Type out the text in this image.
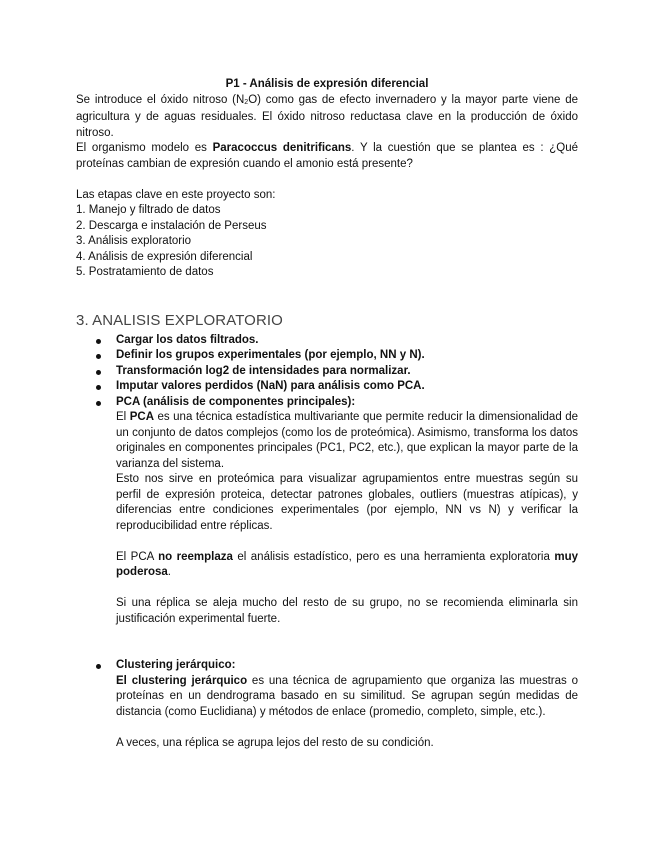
P1 - Análisis de expresión diferencial

Se introduce el óxido nitroso $(N_2O)$ como gas de efecto invernadero y la mayor parte viene de agricultura y de aguas residuales. El óxido nitroso reductasa clave en la producción de óxido nitroso.

El organismo modelo es Paracoccus denitrificans. Y la cuestión que se plantea es : ¿Qué proteínas cambian de expresión cuando el amonio está presente?

Las etapas clave en este proyecto son:

1. Manejo y filtrado de datos
2. Descarga e instalación de Perseus
3. Análisis exploratorio
4. Análisis de expresión diferencial
5. Postratamiento de datos
3. ANALISIS EXPLORATORIO
Cargar los datos filtrados.
Definir los grupos experimentales (por ejemplo, NN y N).
Transformación log2 de intensidades para normalizar.
Imputar valores perdidos (NaN) para análisis como PCA.
PCA (análisis de componentes principales):

El PCA es una técnica estadística multivariante que permite reducir la dimensionalidad de un conjunto de datos complejos (como los de proteómica). Asimismo, transforma los datos originales en componentes principales (PC1, PC2, etc.), que explican la mayor parte de la varianza del sistema.

Esto nos sirve en proteómica para visualizar agrupamientos entre muestras según su perfil de expresión proteica, detectar patrones globales, outliers (muestras atípicas), y diferencias entre condiciones experimentales (por ejemplo, NN vs N) y verificar la reproducibilidad entre réplicas.

El PCA no reemplaza el análisis estadístico, pero es una herramienta exploratoria muy poderosa.

Si una réplica se aleja mucho del resto de su grupo, no se recomienda eliminarla sin justificación experimental fuerte.

Clustering jerárquico:

El clustering jerárquico es una técnica de agrupamiento que organiza las muestras o proteínas en un dendrograma basado en su similitud. Se agrupan según medidas de distancia (como Euclidiana) y métodos de enlace (promedio, completo, simple, etc.).

A veces, una réplica se agrupa lejos del resto de su condición.
